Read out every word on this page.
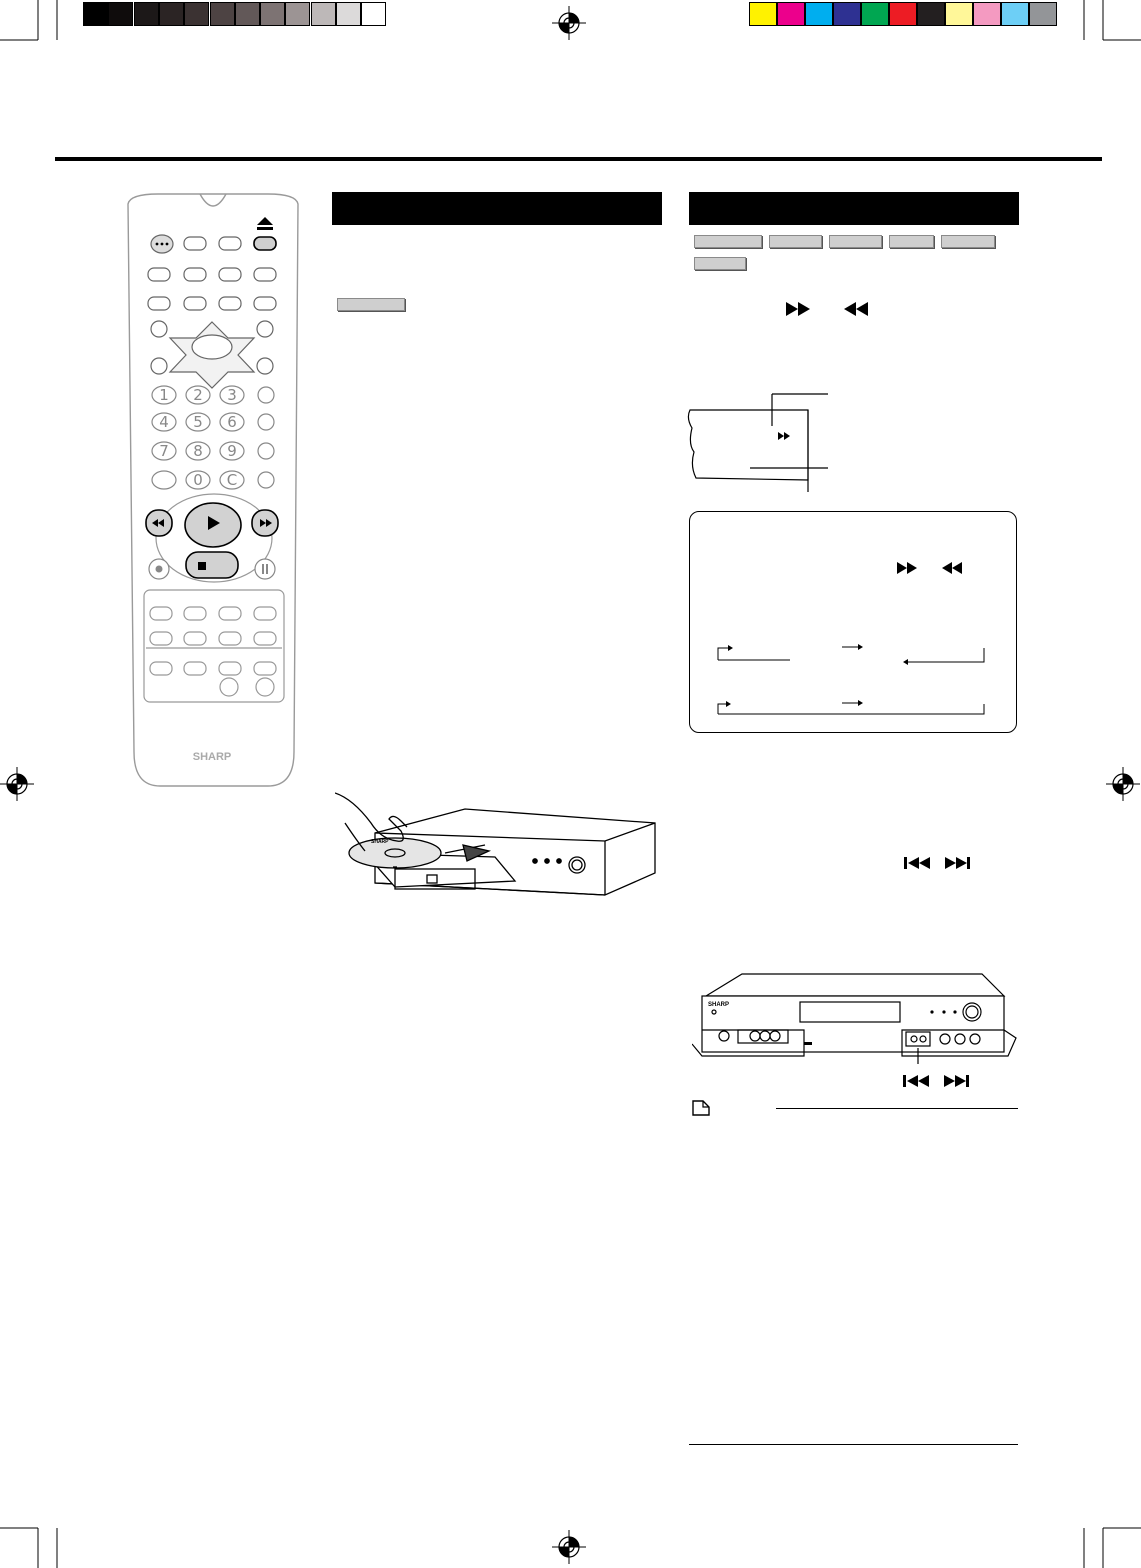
1 2 3
4 5 6
7 8 9
0 C
SHARP
SHARP
SHARP
